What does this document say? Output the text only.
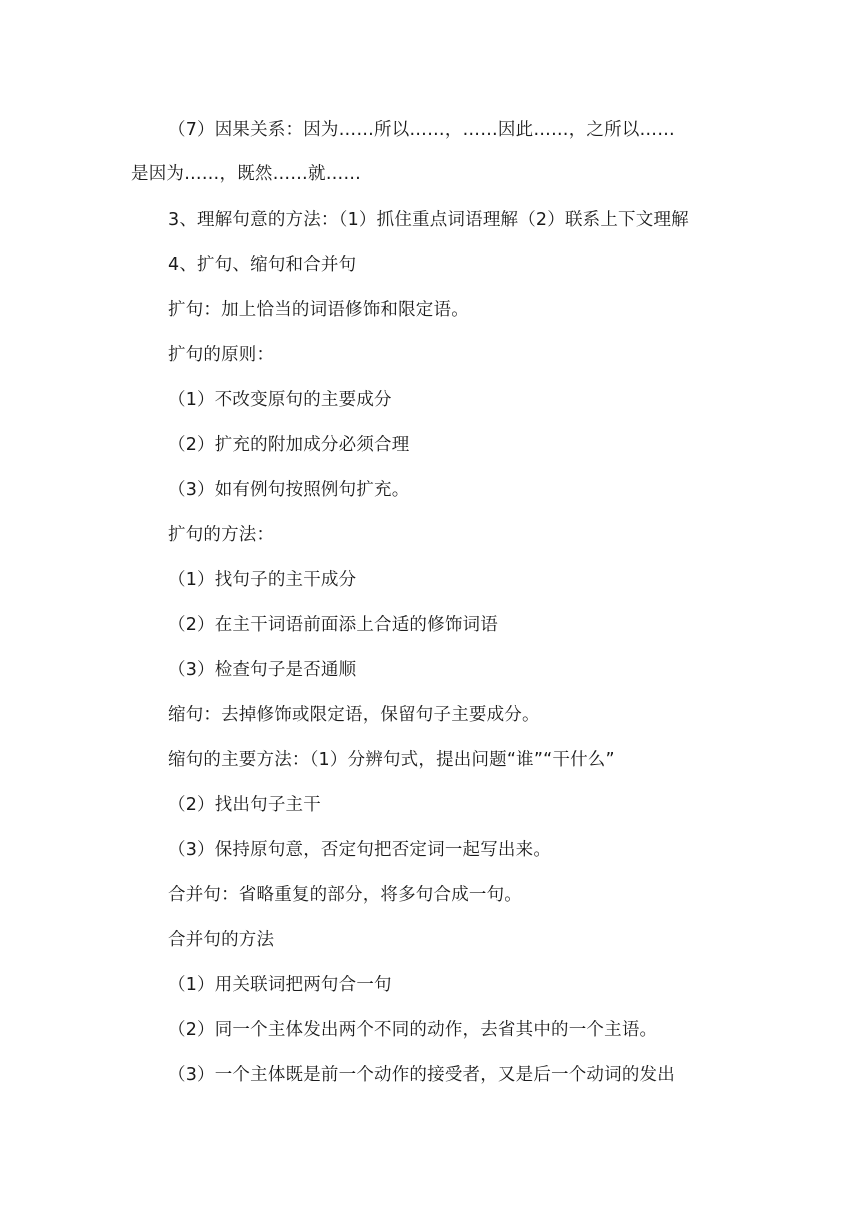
（7）因果关系：因为……所以……，……因此……，之所以……
是因为……，既然……就……
3、理解句意的方法：（1）抓住重点词语理解（2）联系上下文理解
4、扩句、缩句和合并句
扩句：加上恰当的词语修饰和限定语。
扩句的原则：
（1）不改变原句的主要成分
（2）扩充的附加成分必须合理
（3）如有例句按照例句扩充。
扩句的方法：
（1）找句子的主干成分
（2）在主干词语前面添上合适的修饰词语
（3）检查句子是否通顺
缩句：去掉修饰或限定语，保留句子主要成分。
缩句的主要方法：（1）分辨句式，提出问题“谁”“干什么”
（2）找出句子主干
（3）保持原句意，否定句把否定词一起写出来。
合并句：省略重复的部分，将多句合成一句。
合并句的方法
（1）用关联词把两句合一句
（2）同一个主体发出两个不同的动作，去省其中的一个主语。
（3）一个主体既是前一个动作的接受者，又是后一个动词的发出
